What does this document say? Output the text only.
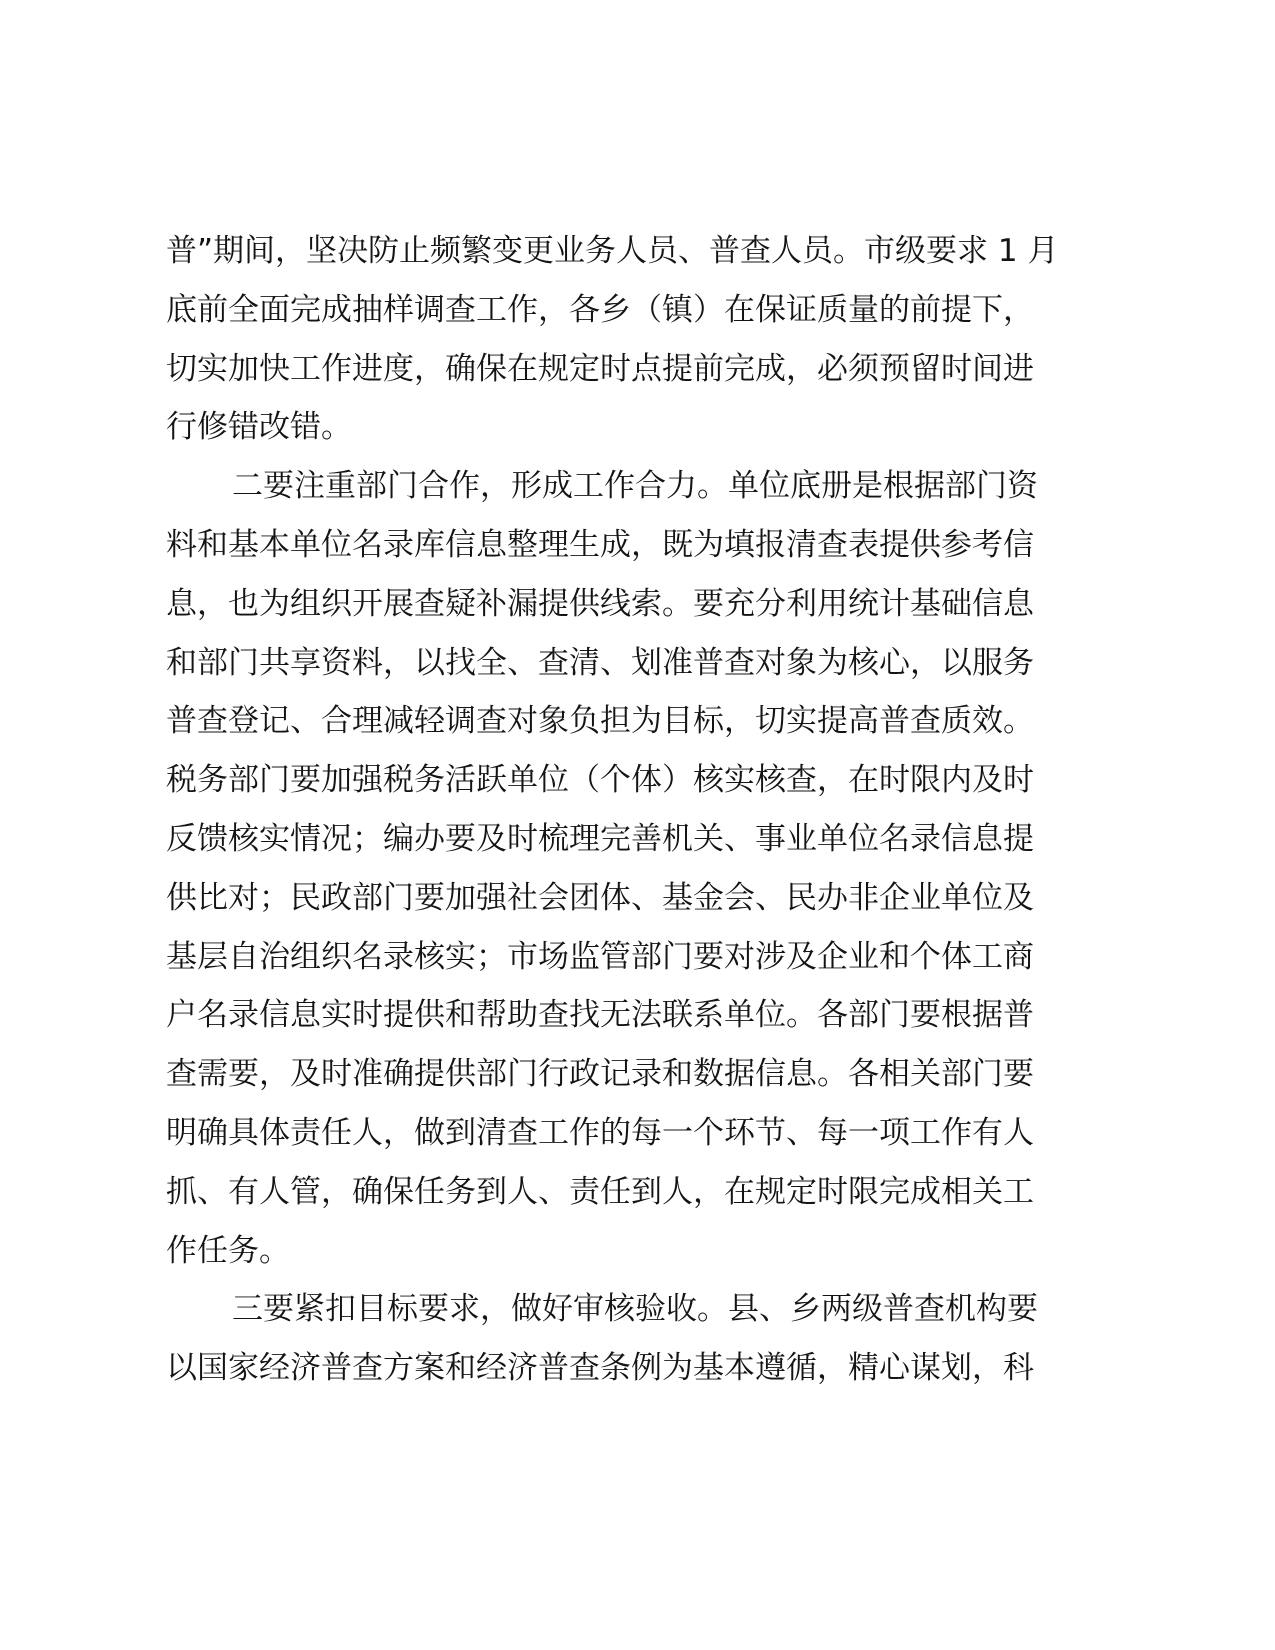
普”期间，坚决防止频繁变更业务人员、普查人员。市级要求 1 月
底前全面完成抽样调查工作，各乡（镇）在保证质量的前提下，
切实加快工作进度，确保在规定时点提前完成，必须预留时间进
行修错改错。
二要注重部门合作，形成工作合力。单位底册是根据部门资
料和基本单位名录库信息整理生成，既为填报清查表提供参考信
息，也为组织开展查疑补漏提供线索。要充分利用统计基础信息
和部门共享资料，以找全、查清、划准普查对象为核心，以服务
普查登记、合理减轻调查对象负担为目标，切实提高普查质效。
税务部门要加强税务活跃单位（个体）核实核查，在时限内及时
反馈核实情况；编办要及时梳理完善机关、事业单位名录信息提
供比对；民政部门要加强社会团体、基金会、民办非企业单位及
基层自治组织名录核实；市场监管部门要对涉及企业和个体工商
户名录信息实时提供和帮助查找无法联系单位。各部门要根据普
查需要，及时准确提供部门行政记录和数据信息。各相关部门要
明确具体责任人，做到清查工作的每一个环节、每一项工作有人
抓、有人管，确保任务到人、责任到人，在规定时限完成相关工
作任务。
三要紧扣目标要求，做好审核验收。县、乡两级普查机构要
以国家经济普查方案和经济普查条例为基本遵循，精心谋划，科
